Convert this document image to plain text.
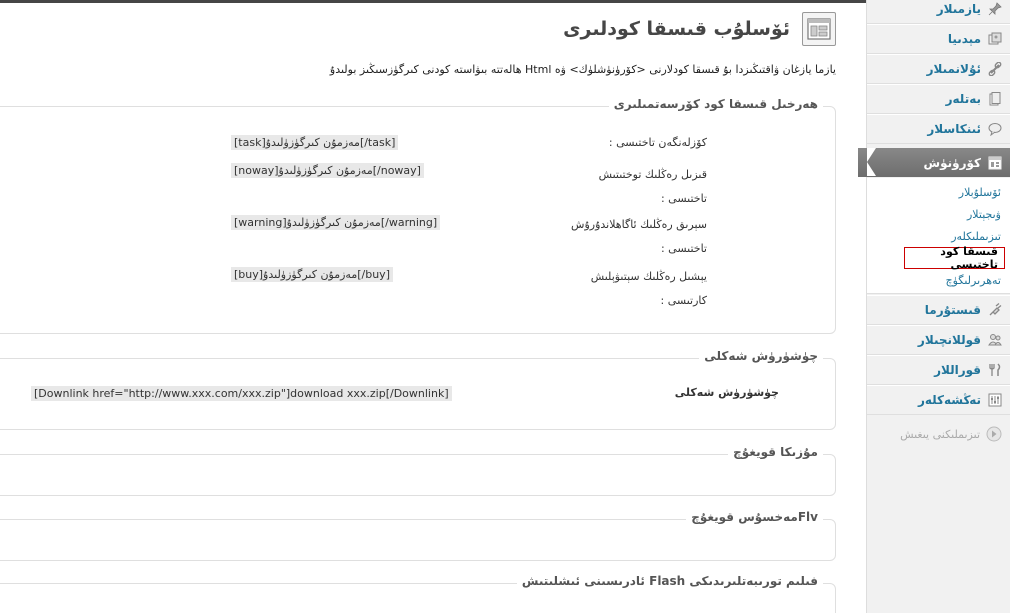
ئۆسلۇب قىسقا كودلىرى
يازما يازغان ۋاقتىڭىزدا بۇ قىسقا كودلارنى <كۆرۈنۈشلۈك> ۋە Html ھالەتتە بىۋاستە كودنى كىرگۈزسىڭىز بولىدۇ
ھەرخىل قىسقا كود كۆرسەتمىلىرى
كۆزلەنگەن تاختىسى :
[task]مەزمۇن كىرگۈزۈلىدۇ[/task]
قىزىل رەڭلىك توختىتىش تاختىسى :
[noway]مەزمۇن كىرگۈزۈلىدۇ[/noway]
سېرىق رەڭلىك ئاگاھلاندۇرۇش تاختىسى :
[warning]مەزمۇن كىرگۈزۈلىدۇ[/warning]
يېشىل رەڭلىك سېتىۋېلىش كارتىسى :
[buy]مەزمۇن كىرگۈزۈلىدۇ[/buy]
چۈشۈرۈش شەكلى
چۈشۈرۈش شەكلى
[Downlink href="http://www.xxx.com/xxx.zip"]download xxx.zip[/Downlink]
مۇزىكا قويغۇچ
Flvمەخسۇس قويغۇچ
فىلىم تورىبەتلىرىدىكى Flash ئادرىسىنى ئىشلىتىش
يازمىلار
مېدىيا
ئۇلانمىلار
بەتلەر
ئىنكاسلار
كۆرۈنۈش
ئۆسلۇبلار
ۋىجېتلار
تىزىملىكلەر
قىسقا كود تاختىسى
تەھرىرلىگۈچ
قىستۇرما
قوللانچىلار
قوراللار
تەڭشەكلەر
تىزىملىكنى يىغىش
